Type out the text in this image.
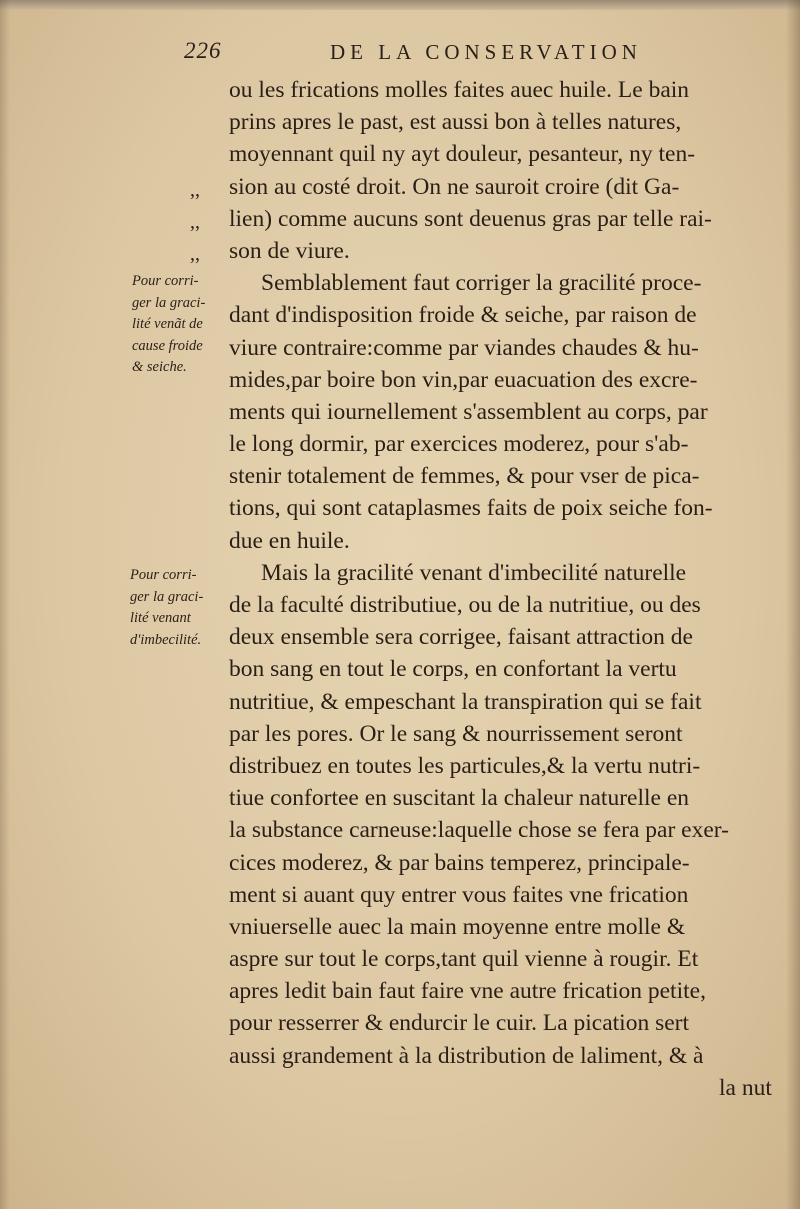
226	DE LA CONSERVATION
,,
,,
,,
Pour corri-
ger la graci-
lité venãt de
cause froide
& seiche.
Pour corri-
ger la graci-
lité venant
d'imbecilité.
ou les frications molles faites auec huile. Le bain
prins apres le past, est aussi bon à telles natures,
moyennant quil ny ayt douleur, pesanteur, ny ten-
sion au costé droit. On ne sauroit croire (dit Ga-
lien) comme aucuns sont deuenus gras par telle rai-
son de viure.
Semblablement faut corriger la gracilité proce-
dant d'indisposition froide & seiche, par raison de
viure contraire:comme par viandes chaudes & hu-
mides,par boire bon vin,par euacuation des excre-
ments qui iournellement s'assemblent au corps, par
le long dormir, par exercices moderez, pour s'ab-
stenir totalement de femmes, & pour vser de pica-
tions, qui sont cataplasmes faits de poix seiche fon-
due en huile.
Mais la gracilité venant d'imbecilité naturelle
de la faculté distributiue, ou de la nutritiue, ou des
deux ensemble sera corrigee, faisant attraction de
bon sang en tout le corps, en confortant la vertu
nutritiue, & empeschant la transpiration qui se fait
par les pores. Or le sang & nourrissement seront
distribuez en toutes les particules,& la vertu nutri-
tiue confortee en suscitant la chaleur naturelle en
la substance carneuse:laquelle chose se fera par exer-
cices moderez, & par bains temperez, principale-
ment si auant quy entrer vous faites vne frication
vniuerselle auec la main moyenne entre molle &
aspre sur tout le corps,tant quil vienne à rougir. Et
apres ledit bain faut faire vne autre frication petite,
pour resserrer & endurcir le cuir. La pication sert
aussi grandement à la distribution de laliment, & à
la nut
